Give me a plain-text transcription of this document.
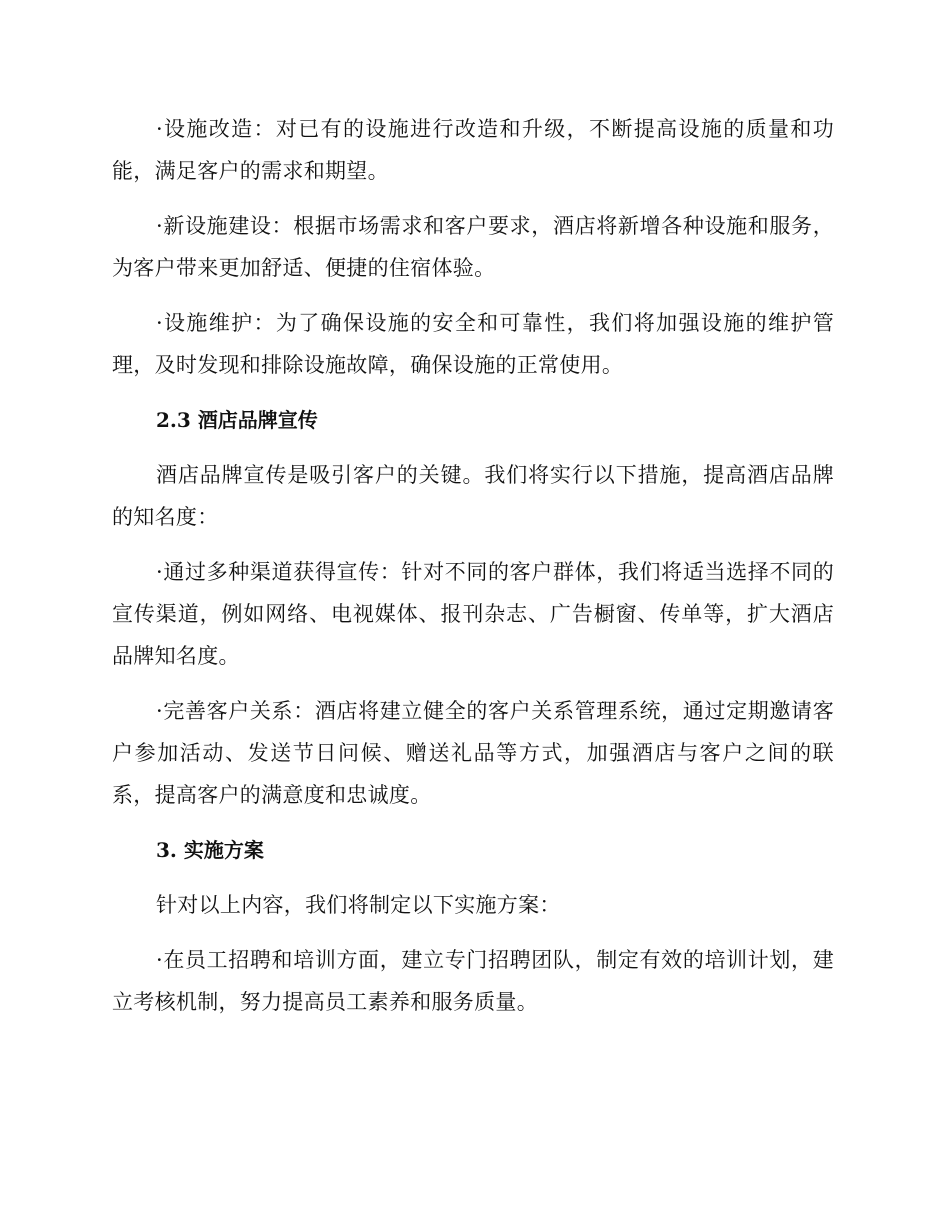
·设施改造：对已有的设施进行改造和升级，不断提高设施的质量和功能，满足客户的需求和期望。

·新设施建设：根据市场需求和客户要求，酒店将新增各种设施和服务，为客户带来更加舒适、便捷的住宿体验。

·设施维护：为了确保设施的安全和可靠性，我们将加强设施的维护管理，及时发现和排除设施故障，确保设施的正常使用。

2.3 酒店品牌宣传

酒店品牌宣传是吸引客户的关键。我们将实行以下措施，提高酒店品牌的知名度：

·通过多种渠道获得宣传：针对不同的客户群体，我们将适当选择不同的宣传渠道，例如网络、电视媒体、报刊杂志、广告橱窗、传单等，扩大酒店品牌知名度。

·完善客户关系：酒店将建立健全的客户关系管理系统，通过定期邀请客户参加活动、发送节日问候、赠送礼品等方式，加强酒店与客户之间的联系，提高客户的满意度和忠诚度。

3. 实施方案

针对以上内容，我们将制定以下实施方案：

·在员工招聘和培训方面，建立专门招聘团队，制定有效的培训计划，建立考核机制，努力提高员工素养和服务质量。
